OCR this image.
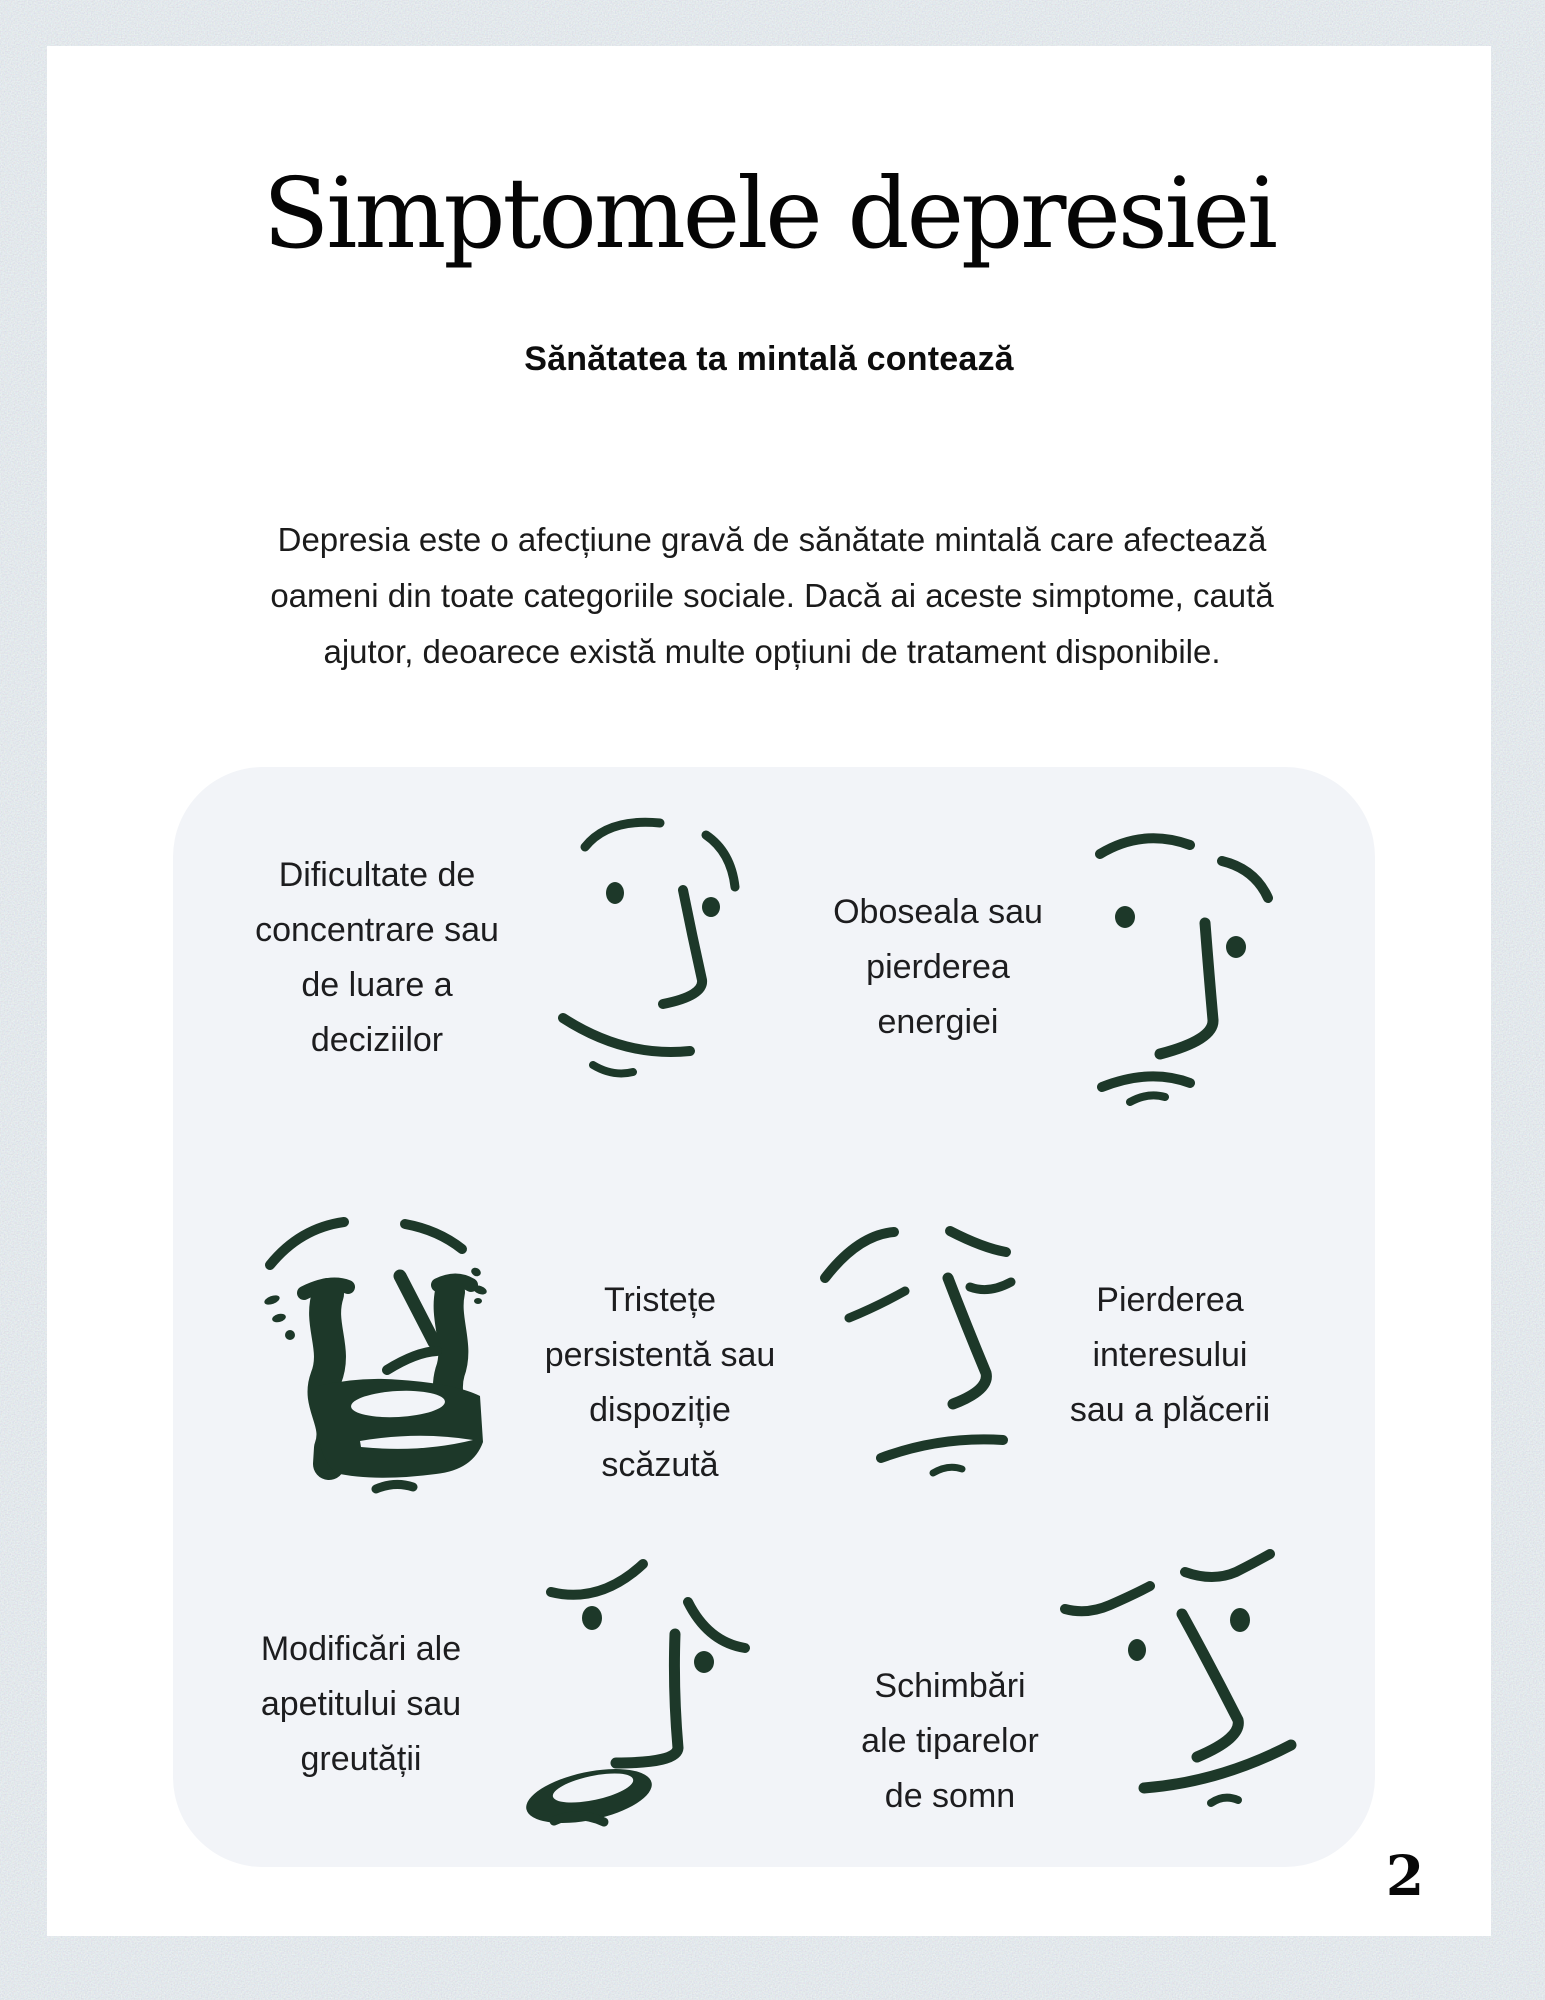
Simptomele depresiei
Sănătatea ta mintală contează

Depresia este o afecțiune gravă de sănătate mintală care afectează
oameni din toate categoriile sociale. Dacă ai aceste simptome, caută
ajutor, deoarece există multe opțiuni de tratament disponibile.

Dificultate de
concentrare sau
de luare a
deciziilor
Oboseala sau
pierderea
energiei
Tristețe
persistentă sau
dispoziție
scăzută
Pierderea
interesului
sau a plăcerii
Modificări ale
apetitului sau
greutății
Schimbări
ale tiparelor
de somn
2
